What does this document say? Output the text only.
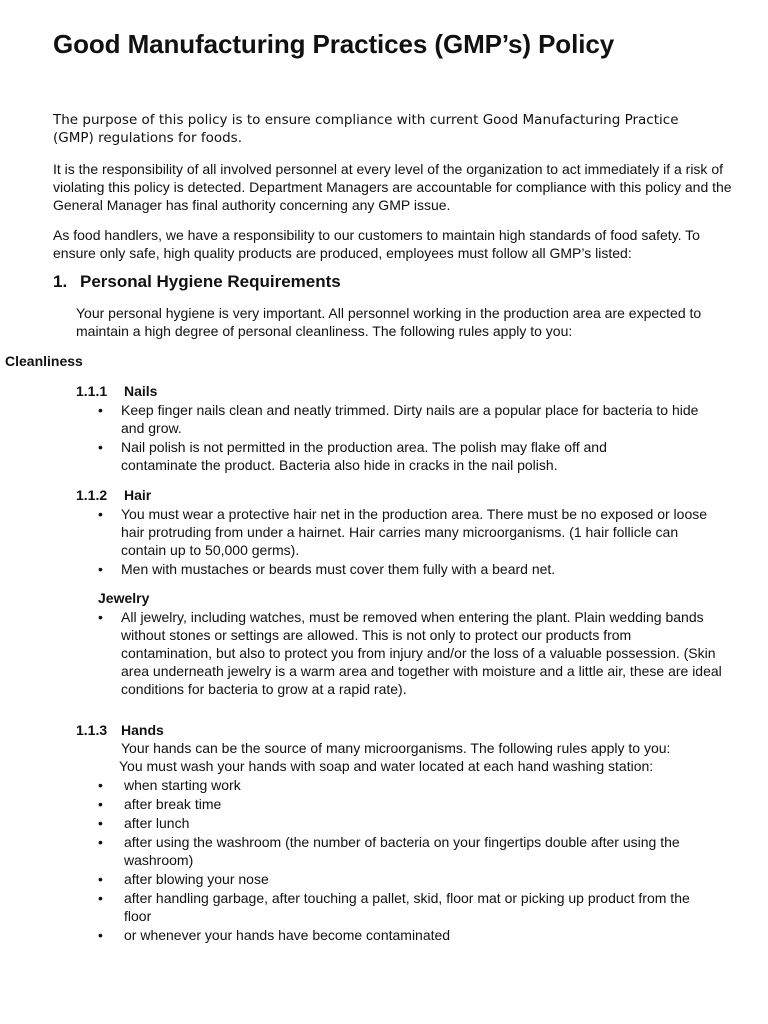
Good Manufacturing Practices (GMP’s) Policy

The purpose of this policy is to ensure compliance with current Good Manufacturing Practice (GMP) regulations for foods.

It is the responsibility of all involved personnel at every level of the organization to act immediately if a risk of violating this policy is detected. Department Managers are accountable for compliance with this policy and the General Manager has final authority concerning any GMP issue.

As food handlers, we have a responsibility to our customers to maintain high standards of food safety. To ensure only safe, high quality products are produced, employees must follow all GMP’s listed:

1. Personal Hygiene Requirements

Your personal hygiene is very important. All personnel working in the production area are expected to maintain a high degree of personal cleanliness. The following rules apply to you:

Cleanliness
1.1.1 Nails
• Keep finger nails clean and neatly trimmed. Dirty nails are a popular place for bacteria to hide and grow.
• Nail polish is not permitted in the production area. The polish may flake off and contaminate the product. Bacteria also hide in cracks in the nail polish.
1.1.2 Hair
• You must wear a protective hair net in the production area. There must be no exposed or loose hair protruding from under a hairnet. Hair carries many microorganisms. (1 hair follicle can contain up to 50,000 germs).
• Men with mustaches or beards must cover them fully with a beard net.
Jewelry
• All jewelry, including watches, must be removed when entering the plant. Plain wedding bands without stones or settings are allowed. This is not only to protect our products from contamination, but also to protect you from injury and/or the loss of a valuable possession. (Skin area underneath jewelry is a warm area and together with moisture and a little air, these are ideal conditions for bacteria to grow at a rapid rate).
1.1.3 Hands
Your hands can be the source of many microorganisms. The following rules apply to you:
You must wash your hands with soap and water located at each hand washing station:
• when starting work
• after break time
• after lunch
• after using the washroom (the number of bacteria on your fingertips double after using the washroom)
• after blowing your nose
• after handling garbage, after touching a pallet, skid, floor mat or picking up product from the floor
• or whenever your hands have become contaminated
